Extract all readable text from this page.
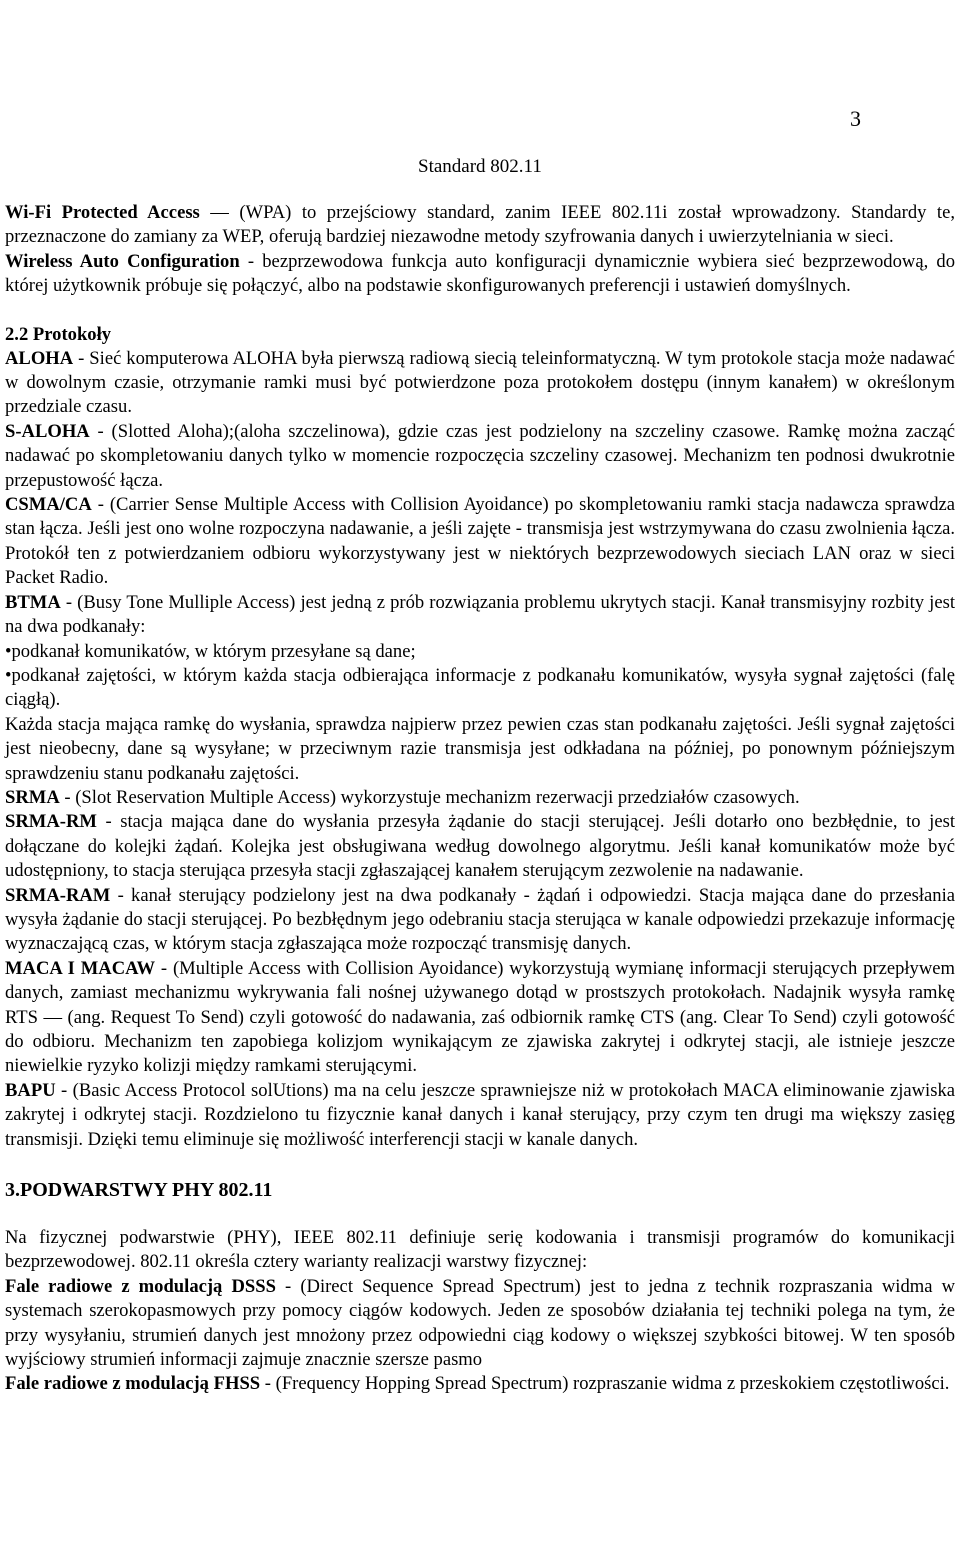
3
Standard 802.11

Wi-Fi Protected Access — (WPA) to przejściowy standard, zanim IEEE 802.11i został wprowadzony. Standardy te, przeznaczone do zamiany za WEP, oferują bardziej niezawodne metody szyfrowania danych i uwierzytelniania w sieci.

Wireless Auto Configuration - bezprzewodowa funkcja auto konfiguracji dynamicznie wybiera sieć bezprzewodową, do której użytkownik próbuje się połączyć, albo na podstawie skonfigurowanych preferencji i ustawień domyślnych.

2.2 Protokoły

ALOHA - Sieć komputerowa ALOHA była pierwszą radiową siecią teleinformatyczną. W tym protokole stacja może nadawać w dowolnym czasie, otrzymanie ramki musi być potwierdzone poza protokołem dostępu (innym kanałem) w określonym przedziale czasu.

S-ALOHA - (Slotted Aloha);(aloha szczelinowa), gdzie czas jest podzielony na szczeliny czasowe. Ramkę można zacząć nadawać po skompletowaniu danych tylko w momencie rozpoczęcia szczeliny czasowej. Mechanizm ten podnosi dwukrotnie przepustowość łącza.

CSMA/CA - (Carrier Sense Multiple Access with Collision Ayoidance) po skompletowaniu ramki stacja nadawcza sprawdza stan łącza. Jeśli jest ono wolne rozpoczyna nadawanie, a jeśli zajęte - transmisja jest wstrzymywana do czasu zwolnienia łącza. Protokół ten z potwierdzaniem odbioru wykorzystywany jest w niektórych bezprzewodowych sieciach LAN oraz w sieci Packet Radio.

BTMA - (Busy Tone Mulliple Access) jest jedną z prób rozwiązania problemu ukrytych stacji. Kanał transmisyjny rozbity jest na dwa podkanały:

•podkanał komunikatów, w którym przesyłane są dane;

•podkanał zajętości, w którym każda stacja odbierająca informacje z podkanału komunikatów, wysyła sygnał zajętości (falę ciągłą).

Każda stacja mająca ramkę do wysłania, sprawdza najpierw przez pewien czas stan podkanału zajętości. Jeśli sygnał zajętości jest nieobecny, dane są wysyłane; w przeciwnym razie transmisja jest odkładana na później, po ponownym późniejszym sprawdzeniu stanu podkanału zajętości.

SRMA - (Slot Reservation Multiple Access) wykorzystuje mechanizm rezerwacji przedziałów czasowych.

SRMA-RM - stacja mająca dane do wysłania przesyła żądanie do stacji sterującej. Jeśli dotarło ono bezbłędnie, to jest dołączane do kolejki żądań. Kolejka jest obsługiwana według dowolnego algorytmu. Jeśli kanał komunikatów może być udostępniony, to stacja sterująca przesyła stacji zgłaszającej kanałem sterującym zezwolenie na nadawanie.

SRMA-RAM - kanał sterujący podzielony jest na dwa podkanały - żądań i odpowiedzi. Stacja mająca dane do przesłania wysyła żądanie do stacji sterującej. Po bezbłędnym jego odebraniu stacja sterująca w kanale odpowiedzi przekazuje informację wyznaczającą czas, w którym stacja zgłaszająca może rozpocząć transmisję danych.

MACA I MACAW - (Multiple Access with Collision Ayoidance) wykorzystują wymianę informacji sterujących przepływem danych, zamiast mechanizmu wykrywania fali nośnej używanego dotąd w prostszych protokołach. Nadajnik wysyła ramkę RTS — (ang. Request To Send) czyli gotowość do nadawania, zaś odbiornik ramkę CTS (ang. Clear To Send) czyli gotowość do odbioru. Mechanizm ten zapobiega kolizjom wynikającym ze zjawiska zakrytej i odkrytej stacji, ale istnieje jeszcze niewielkie ryzyko kolizji między ramkami sterującymi.

BAPU - (Basic Access Protocol solUtions) ma na celu jeszcze sprawniejsze niż w protokołach MACA eliminowanie zjawiska zakrytej i odkrytej stacji. Rozdzielono tu fizycznie kanał danych i kanał sterujący, przy czym ten drugi ma większy zasięg transmisji. Dzięki temu eliminuje się możliwość interferencji stacji w kanale danych.

3.PODWARSTWY PHY 802.11

Na fizycznej podwarstwie (PHY), IEEE 802.11 definiuje serię kodowania i transmisji programów do komunikacji bezprzewodowej. 802.11 określa cztery warianty realizacji warstwy fizycznej:

Fale radiowe z modulacją DSSS - (Direct Sequence Spread Spectrum) jest to jedna z technik rozpraszania widma w systemach szerokopasmowych przy pomocy ciągów kodowych. Jeden ze sposobów działania tej techniki polega na tym, że przy wysyłaniu, strumień danych jest mnożony przez odpowiedni ciąg kodowy o większej szybkości bitowej. W ten sposób wyjściowy strumień informacji zajmuje znacznie szersze pasmo

Fale radiowe z modulacją FHSS - (Frequency Hopping Spread Spectrum) rozpraszanie widma z przeskokiem częstotliwości.
